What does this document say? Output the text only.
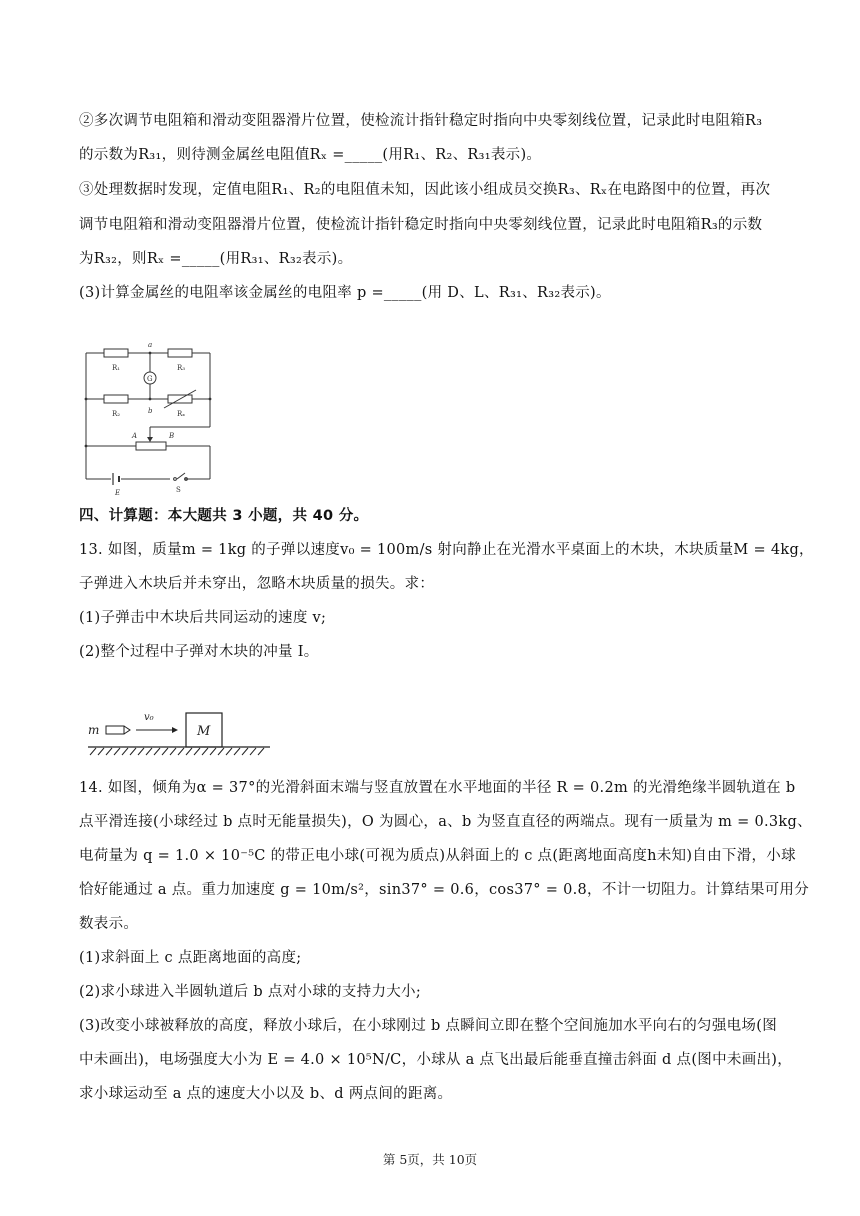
②多次调节电阻箱和滑动变阻器滑片位置，使检流计指针稳定时指向中央零刻线位置，记录此时电阻箱R₃
的示数为R₃₁，则待测金属丝电阻值Rₓ =_____(用R₁、R₂、R₃₁表示)。
③处理数据时发现，定值电阻R₁、R₂的电阻值未知，因此该小组成员交换R₃、Rₓ在电路图中的位置，再次
调节电阻箱和滑动变阻器滑片位置，使检流计指针稳定时指向中央零刻线位置，记录此时电阻箱R₃的示数
为R₃₂，则Rₓ =_____(用R₃₁、R₃₂表示)。
(3)计算金属丝的电阻率该金属丝的电阻率 p =_____(用 D、L、R₃₁、R₃₂表示)。
a
b
R₁	R₃
R₂	Rₓ
G
A	B
E	S
四、计算题：本大题共 3 小题，共 40 分。
13. 如图，质量m = 1kg 的子弹以速度v₀ = 100m/s 射向静止在光滑水平桌面上的木块，木块质量M = 4kg，
子弹进入木块后并未穿出，忽略木块质量的损失。求：
(1)子弹击中木块后共同运动的速度 v;
(2)整个过程中子弹对木块的冲量 I。
m
v₀
M
14. 如图，倾角为α = 37°的光滑斜面末端与竖直放置在水平地面的半径 R = 0.2m 的光滑绝缘半圆轨道在 b
点平滑连接(小球经过 b 点时无能量损失)，O 为圆心，a、b 为竖直直径的两端点。现有一质量为 m = 0.3kg、
电荷量为 q = 1.0 × 10⁻⁵C 的带正电小球(可视为质点)从斜面上的 c 点(距离地面高度h未知)自由下滑，小球
恰好能通过 a 点。重力加速度 g = 10m/s²，sin37° = 0.6，cos37° = 0.8，不计一切阻力。计算结果可用分
数表示。
(1)求斜面上 c 点距离地面的高度;
(2)求小球进入半圆轨道后 b 点对小球的支持力大小;
(3)改变小球被释放的高度，释放小球后，在小球刚过 b 点瞬间立即在整个空间施加水平向右的匀强电场(图
中未画出)，电场强度大小为 E = 4.0 × 10⁵N/C，小球从 a 点飞出最后能垂直撞击斜面 d 点(图中未画出)，
求小球运动至 a 点的速度大小以及 b、d 两点间的距离。
第 5页，共 10页
